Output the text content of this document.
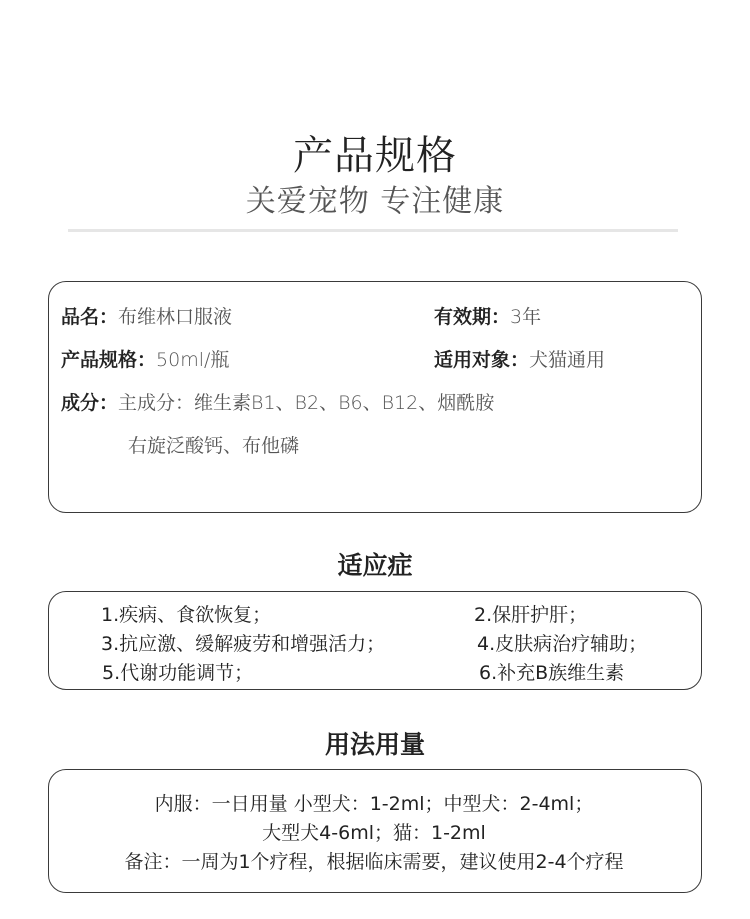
产品规格
关爱宠物 专注健康
品名：布维林口服液	有效期：3年
产品规格：50ml/瓶	适用对象：犬猫通用
成分：主成分：维生素B1、B2、B6、B12、烟酰胺
右旋泛酸钙、布他磷
适应症
1.疾病、食欲恢复；	2.保肝护肝；
3.抗应激、缓解疲劳和增强活力；	4.皮肤病治疗辅助；
5.代谢功能调节；	6.补充B族维生素
用法用量
内服：一日用量 小型犬：1-2ml；中型犬：2-4ml；
大型犬4-6ml；猫：1-2ml
备注：一周为1个疗程，根据临床需要，建议使用2-4个疗程
